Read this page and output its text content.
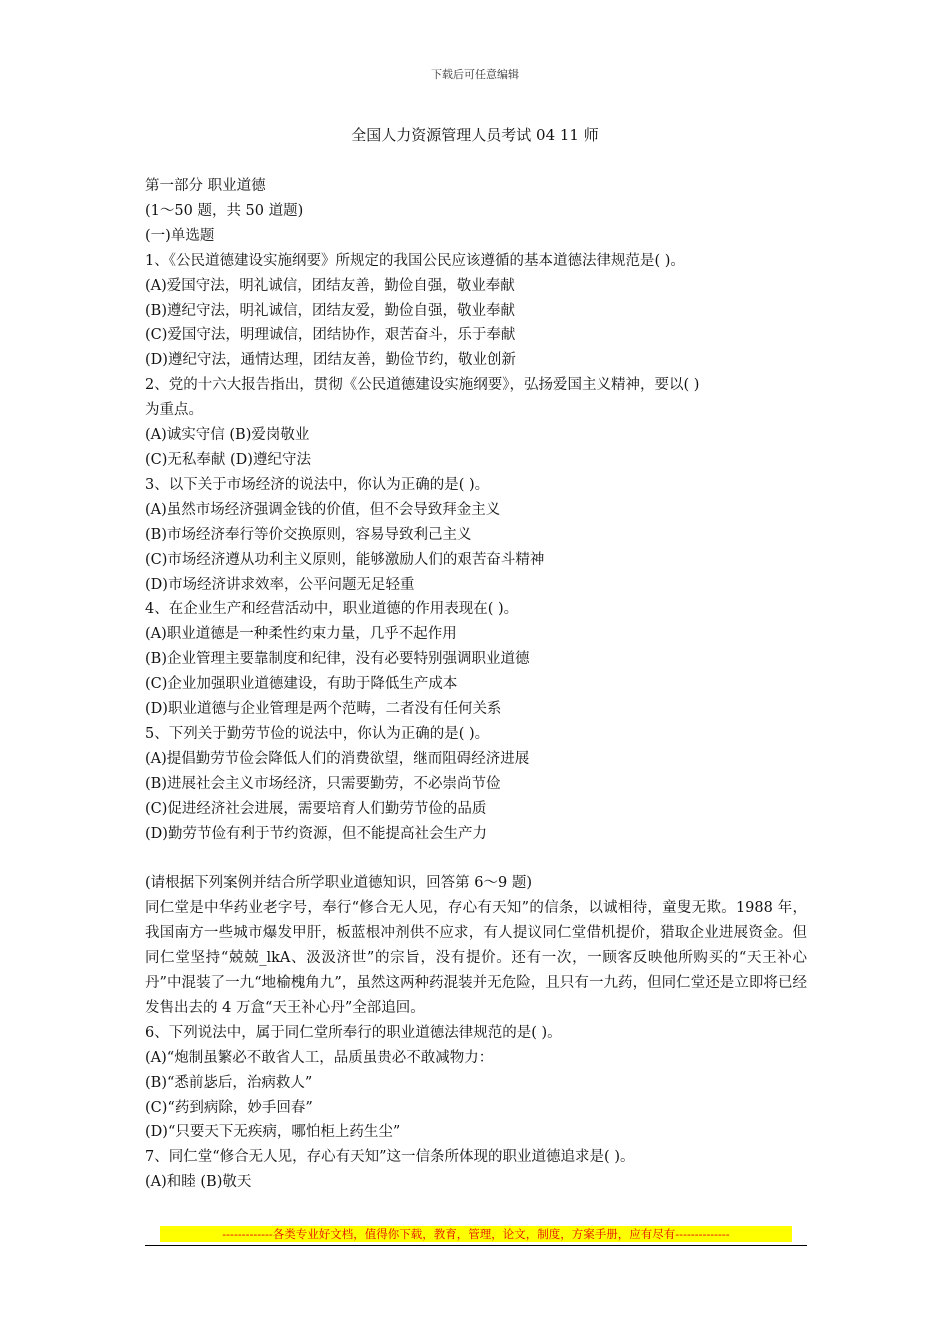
下载后可任意编辑
全国人力资源管理人员考试 04 11 师
第一部分 职业道德
(1～50 题，共 50 道题)
(一)单选题
1、《公民道德建设实施纲要》所规定的我国公民应该遵循的基本道德法律规范是( )。
(A)爱国守法，明礼诚信，团结友善，勤俭自强，敬业奉献
(B)遵纪守法，明礼诚信，团结友爱，勤俭自强，敬业奉献
(C)爱国守法，明理诚信，团结协作，艰苦奋斗，乐于奉献
(D)遵纪守法，通情达理，团结友善，勤俭节约，敬业创新
2、党的十六大报告指出，贯彻《公民道德建设实施纲要》，弘扬爱国主义精神，要以( )
为重点。
(A)诚实守信 (B)爱岗敬业
(C)无私奉献 (D)遵纪守法
3、以下关于市场经济的说法中，你认为正确的是( )。
(A)虽然市场经济强调金钱的价值，但不会导致拜金主义
(B)市场经济奉行等价交换原则，容易导致利己主义
(C)市场经济遵从功利主义原则，能够激励人们的艰苦奋斗精神
(D)市场经济讲求效率，公平问题无足轻重
4、在企业生产和经营活动中，职业道德的作用表现在( )。
(A)职业道德是一种柔性约束力量，几乎不起作用
(B)企业管理主要靠制度和纪律，没有必要特别强调职业道德
(C)企业加强职业道德建设，有助于降低生产成本
(D)职业道德与企业管理是两个范畴，二者没有任何关系
5、下列关于勤劳节俭的说法中，你认为正确的是( )。
(A)提倡勤劳节俭会降低人们的消费欲望，继而阻碍经济进展
(B)进展社会主义市场经济，只需要勤劳，不必崇尚节俭
(C)促进经济社会进展，需要培育人们勤劳节俭的品质
(D)勤劳节俭有利于节约资源，但不能提高社会生产力
(请根据下列案例并结合所学职业道德知识，回答第 6～9 题)
同仁堂是中华药业老字号，奉行“修合无人见，存心有天知”的信条，以诚相待，童叟无欺。1988 年，我国南方一些城市爆发甲肝，板蓝根冲剂供不应求，有人提议同仁堂借机提价，猎取企业进展资金。但同仁堂坚持“兢兢_lkA、汲汲济世”的宗旨，没有提价。还有一次，一顾客反映他所购买的“天王补心丹”中混装了一九“地榆槐角九”，虽然这两种药混装并无危险，且只有一九药，但同仁堂还是立即将已经发售出去的 4 万盒“天王补心丹”全部追回。
6、下列说法中，属于同仁堂所奉行的职业道德法律规范的是( )。
(A)“炮制虽繁必不敢省人工，品质虽贵必不敢减物力：
(B)“悉前毖后，治病救人”
(C)“药到病除，妙手回春”
(D)“只要天下无疾病，哪怕柜上药生尘”
7、同仁堂“修合无人见，存心有天知”这一信条所体现的职业道德追求是( )。
(A)和睦 (B)敬天
-------------各类专业好文档，值得你下载，教育，管理，论文，制度，方案手册，应有尽有--------------
